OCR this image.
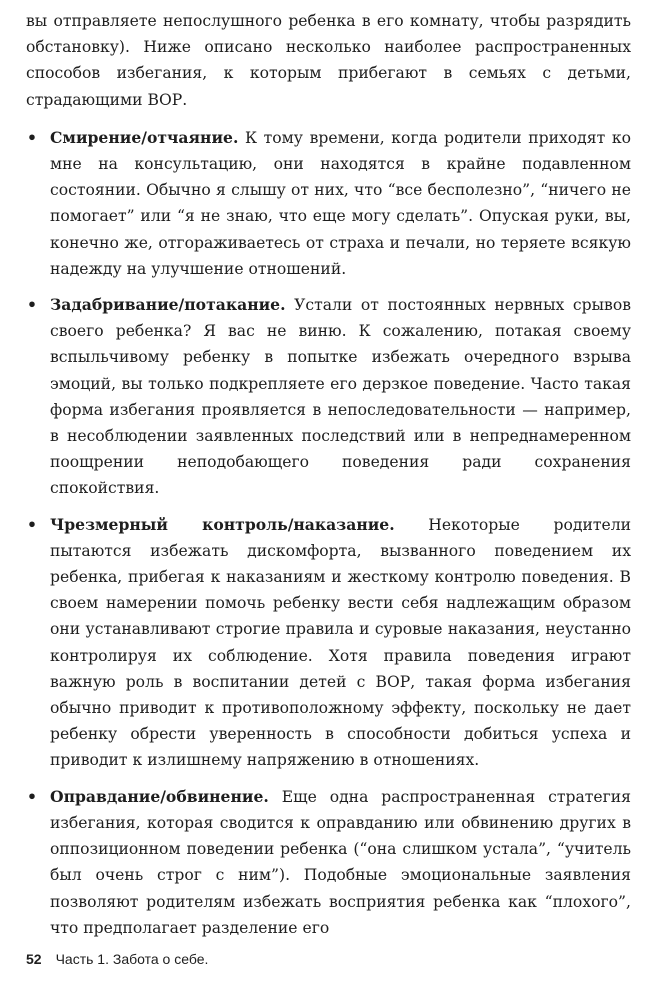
вы отправляете непослушного ребенка в его комнату, чтобы разрядить обстановку). Ниже описано несколько наиболее распространенных способов избегания, к которым прибегают в семьях с детьми, страдающими ВОР.

• Смирение/отчаяние. К тому времени, когда родители приходят ко мне на консультацию, они находятся в крайне подавленном состоянии. Обычно я слышу от них, что “все бесполезно”, “ничего не помогает” или “я не знаю, что еще могу сделать”. Опуская руки, вы, конечно же, отгораживаетесь от страха и печали, но теряете всякую надежду на улучшение отношений.
• Задабривание/потакание. Устали от постоянных нервных срывов своего ребенка? Я вас не виню. К сожалению, потакая своему вспыльчивому ребенку в попытке избежать очередного взрыва эмоций, вы только подкрепляете его дерзкое поведение. Часто такая форма избегания проявляется в непоследовательности — например, в несоблюдении заявленных последствий или в непреднамеренном поощрении неподобающего поведения ради сохранения спокойствия.
• Чрезмерный контроль/наказание. Некоторые родители пытаются избежать дискомфорта, вызванного поведением их ребенка, прибегая к наказаниям и жесткому контролю поведения. В своем намерении помочь ребенку вести себя надлежащим образом они устанавливают строгие правила и суровые наказания, неустанно контролируя их соблюдение. Хотя правила поведения играют важную роль в воспитании детей с ВОР, такая форма избегания обычно приводит к противоположному эффекту, поскольку не дает ребенку обрести уверенность в способности добиться успеха и приводит к излишнему напряжению в отношениях.
• Оправдание/обвинение. Еще одна распространенная стратегия избегания, которая сводится к оправданию или обвинению других в оппозиционном поведении ребенка (“она слишком устала”, “учитель был очень строг с ним”). Подобные эмоциональные заявления позволяют родителям избежать восприятия ребенка как “плохого”, что предполагает разделение его
52 Часть 1. Забота о себе.
